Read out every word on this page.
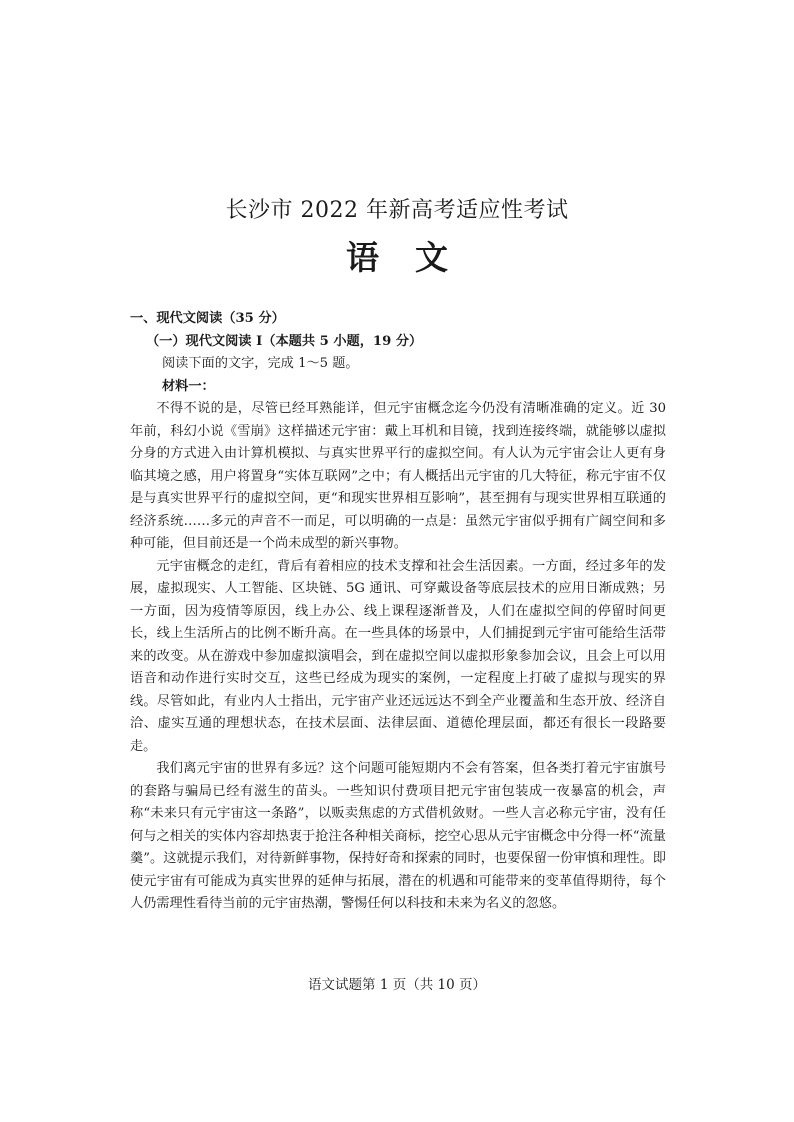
长沙市 2022 年新高考适应性考试
语文

一、现代文阅读（35 分）

（一）现代文阅读 I（本题共 5 小题，19 分）

阅读下面的文字，完成 1～5 题。

材料一：

不得不说的是，尽管已经耳熟能详，但元宇宙概念迄今仍没有清晰准确的定义。近 30 年前，科幻小说《雪崩》这样描述元宇宙：戴上耳机和目镜，找到连接终端，就能够以虚拟分身的方式进入由计算机模拟、与真实世界平行的虚拟空间。有人认为元宇宙会让人更有身临其境之感，用户将置身“实体互联网”之中；有人概括出元宇宙的几大特征，称元宇宙不仅是与真实世界平行的虚拟空间，更“和现实世界相互影响”，甚至拥有与现实世界相互联通的经济系统……多元的声音不一而足，可以明确的一点是：虽然元宇宙似乎拥有广阔空间和多种可能，但目前还是一个尚未成型的新兴事物。

元宇宙概念的走红，背后有着相应的技术支撑和社会生活因素。一方面，经过多年的发展，虚拟现实、人工智能、区块链、5G 通讯、可穿戴设备等底层技术的应用日渐成熟；另一方面，因为疫情等原因，线上办公、线上课程逐渐普及，人们在虚拟空间的停留时间更长，线上生活所占的比例不断升高。在一些具体的场景中，人们捕捉到元宇宙可能给生活带来的改变。从在游戏中参加虚拟演唱会，到在虚拟空间以虚拟形象参加会议，且会上可以用语音和动作进行实时交互，这些已经成为现实的案例，一定程度上打破了虚拟与现实的界线。尽管如此，有业内人士指出，元宇宙产业还远远达不到全产业覆盖和生态开放、经济自洽、虚实互通的理想状态，在技术层面、法律层面、道德伦理层面，都还有很长一段路要走。

我们离元宇宙的世界有多远？这个问题可能短期内不会有答案，但各类打着元宇宙旗号的套路与骗局已经有滋生的苗头。一些知识付费项目把元宇宙包装成一夜暴富的机会，声称“未来只有元宇宙这一条路”，以贩卖焦虑的方式借机敛财。一些人言必称元宇宙，没有任何与之相关的实体内容却热衷于抢注各种相关商标，挖空心思从元宇宙概念中分得一杯“流量羹”。这就提示我们，对待新鲜事物，保持好奇和探索的同时，也要保留一份审慎和理性。即使元宇宙有可能成为真实世界的延伸与拓展，潜在的机遇和可能带来的变革值得期待，每个人仍需理性看待当前的元宇宙热潮，警惕任何以科技和未来为名义的忽悠。

语文试题第 1 页（共 10 页）
